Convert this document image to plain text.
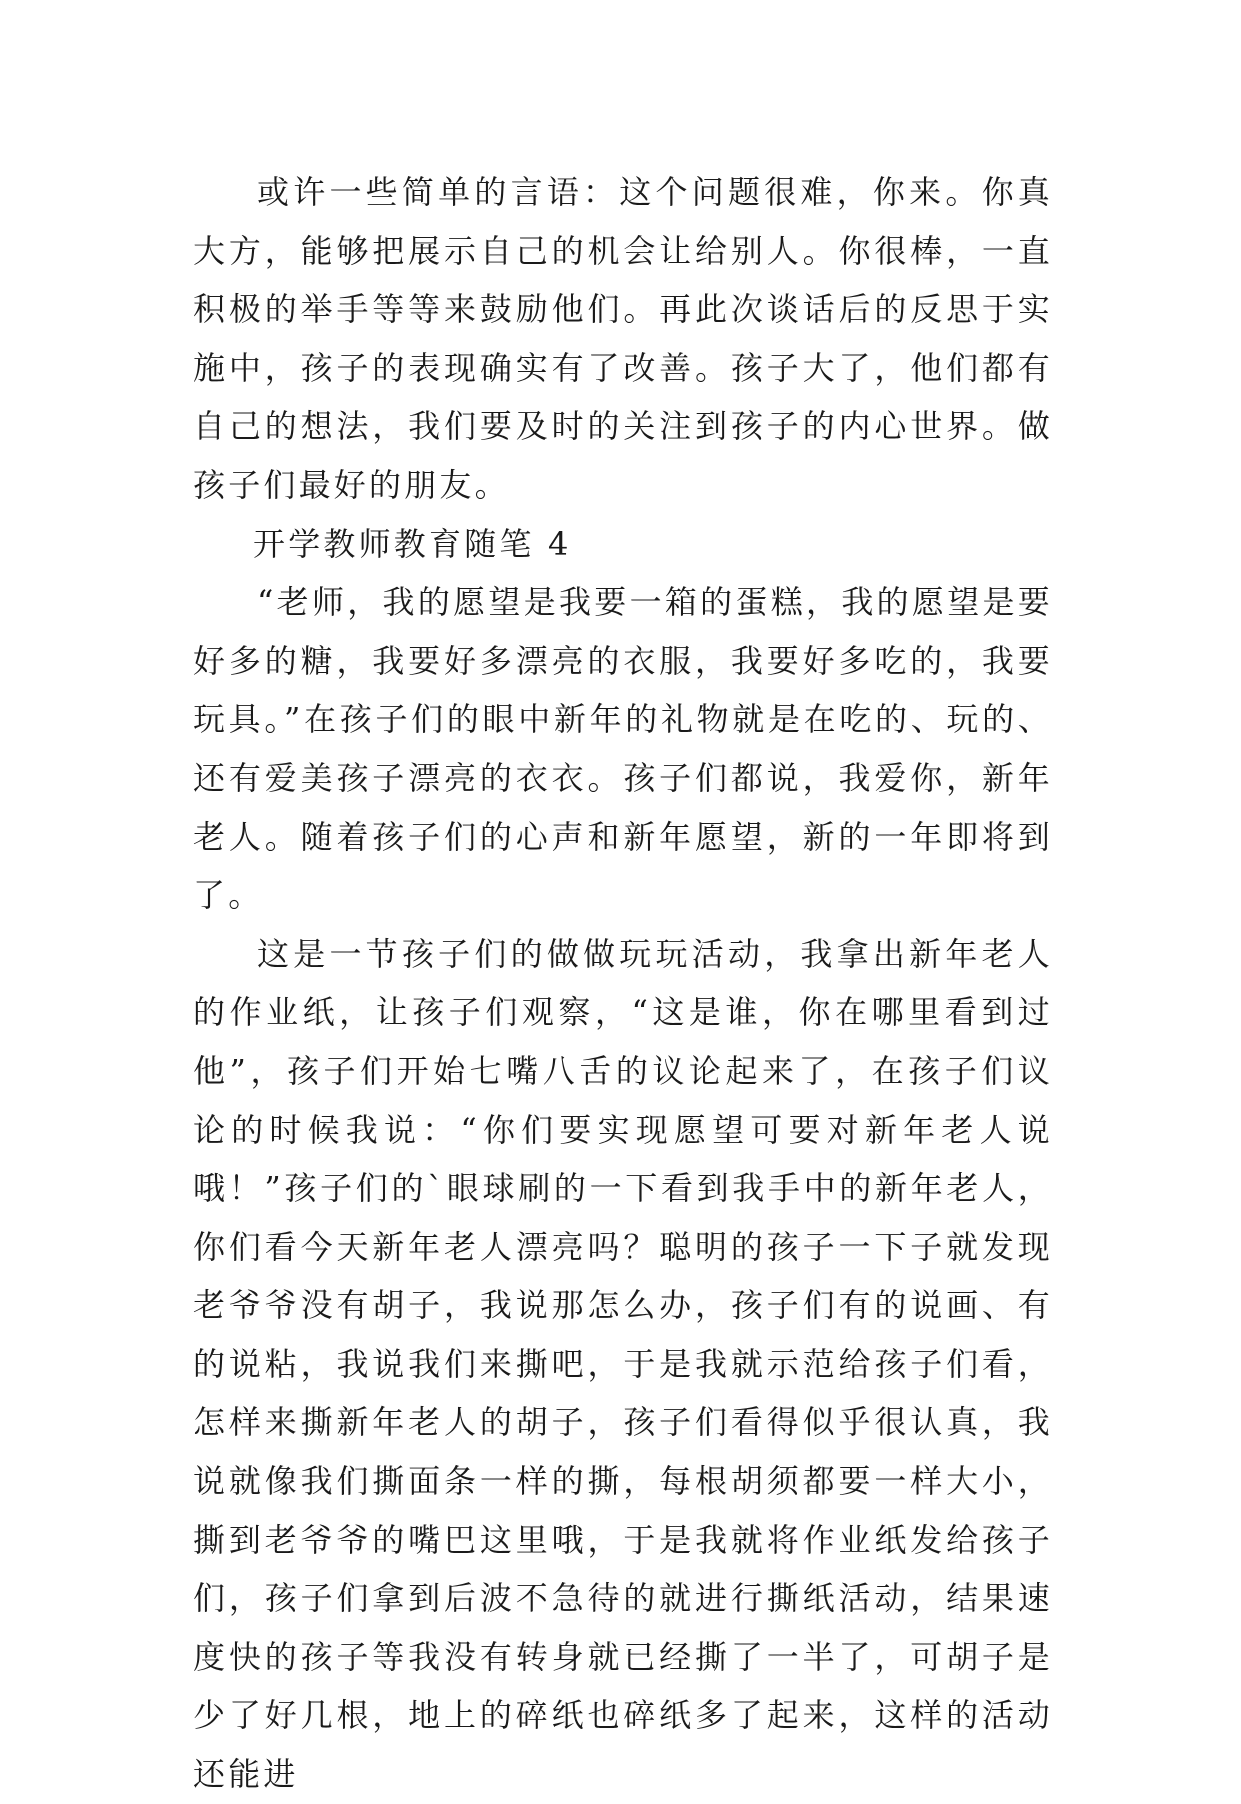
或许一些简单的言语：这个问题很难，你来。你真大方，能够把展示自己的机会让给别人。你很棒，一直积极的举手等等来鼓励他们。再此次谈话后的反思于实施中，孩子的表现确实有了改善。孩子大了，他们都有自己的想法，我们要及时的关注到孩子的内心世界。做孩子们最好的朋友。

开学教师教育随笔 4

“老师，我的愿望是我要一箱的蛋糕，我的愿望是要好多的糖，我要好多漂亮的衣服，我要好多吃的，我要玩具。”在孩子们的眼中新年的礼物就是在吃的、玩的、还有爱美孩子漂亮的衣衣。孩子们都说，我爱你，新年老人。随着孩子们的心声和新年愿望，新的一年即将到了。

这是一节孩子们的做做玩玩活动，我拿出新年老人的作业纸，让孩子们观察，“这是谁，你在哪里看到过他”，孩子们开始七嘴八舌的议论起来了，在孩子们议论的时候我说：“你们要实现愿望可要对新年老人说哦！”孩子们的`眼球刷的一下看到我手中的新年老人，你们看今天新年老人漂亮吗？聪明的孩子一下子就发现老爷爷没有胡子，我说那怎么办，孩子们有的说画、有的说粘，我说我们来撕吧，于是我就示范给孩子们看，怎样来撕新年老人的胡子，孩子们看得似乎很认真，我说就像我们撕面条一样的撕，每根胡须都要一样大小，撕到老爷爷的嘴巴这里哦，于是我就将作业纸发给孩子们，孩子们拿到后波不急待的就进行撕纸活动，结果速度快的孩子等我没有转身就已经撕了一半了，可胡子是少了好几根，地上的碎纸也碎纸多了起来，这样的活动还能进
